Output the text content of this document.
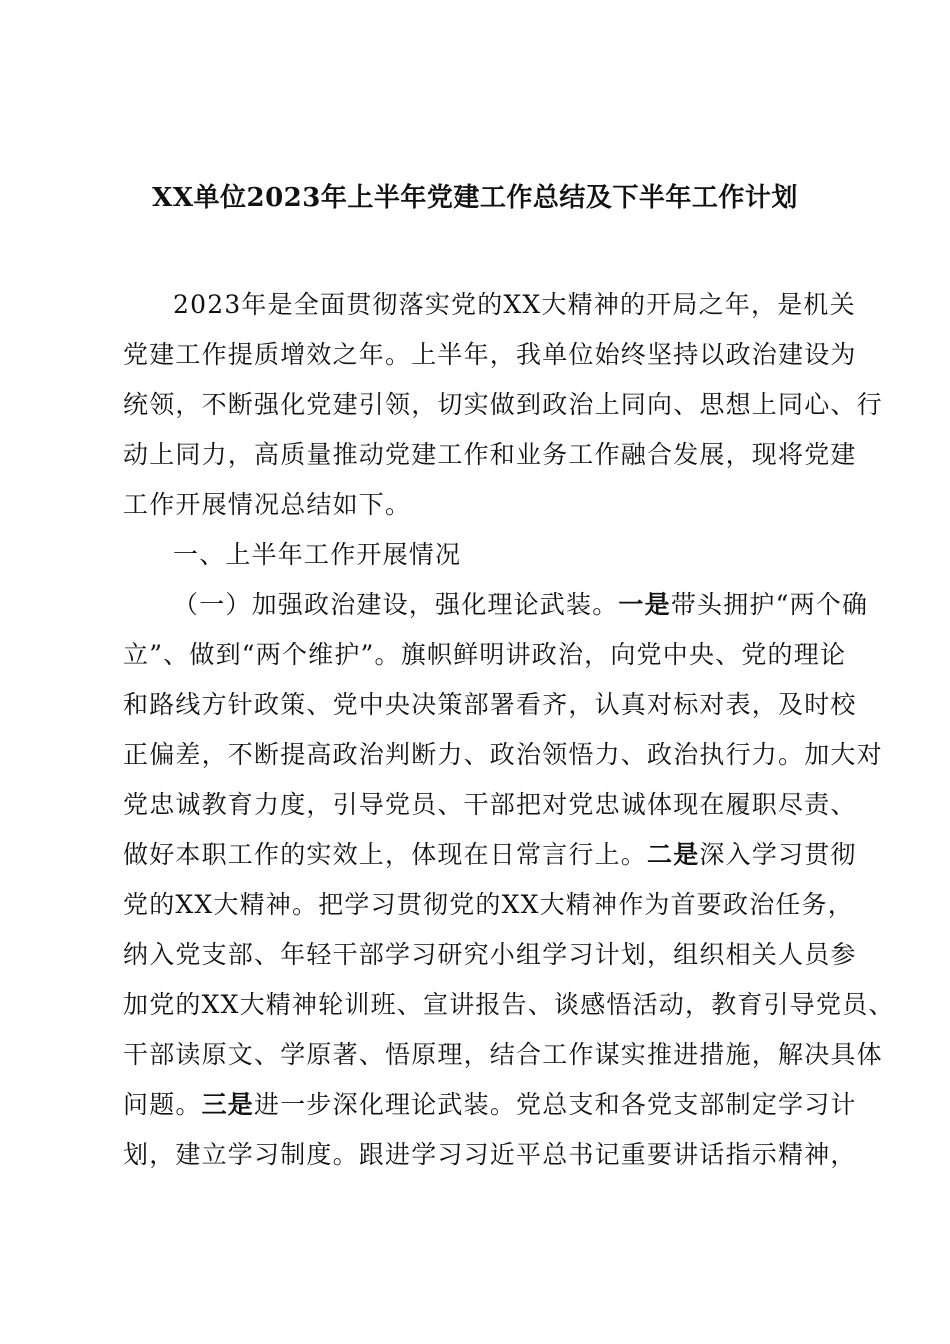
XX单位2023年上半年党建工作总结及下半年工作计划
2023年是全面贯彻落实党的XX大精神的开局之年，是机关
党建工作提质增效之年。上半年，我单位始终坚持以政治建设为
统领，不断强化党建引领，切实做到政治上同向、思想上同心、行
动上同力，高质量推动党建工作和业务工作融合发展，现将党建
工作开展情况总结如下。
一、上半年工作开展情况
（一）加强政治建设，强化理论武装。一是带头拥护“两个确
立”、做到“两个维护”。旗帜鲜明讲政治，向党中央、党的理论
和路线方针政策、党中央决策部署看齐，认真对标对表，及时校
正偏差，不断提高政治判断力、政治领悟力、政治执行力。加大对
党忠诚教育力度，引导党员、干部把对党忠诚体现在履职尽责、
做好本职工作的实效上，体现在日常言行上。二是深入学习贯彻
党的XX大精神。把学习贯彻党的XX大精神作为首要政治任务，
纳入党支部、年轻干部学习研究小组学习计划，组织相关人员参
加党的XX大精神轮训班、宣讲报告、谈感悟活动，教育引导党员、
干部读原文、学原著、悟原理，结合工作谋实推进措施，解决具体
问题。三是进一步深化理论武装。党总支和各党支部制定学习计
划，建立学习制度。跟进学习习近平总书记重要讲话指示精神，
